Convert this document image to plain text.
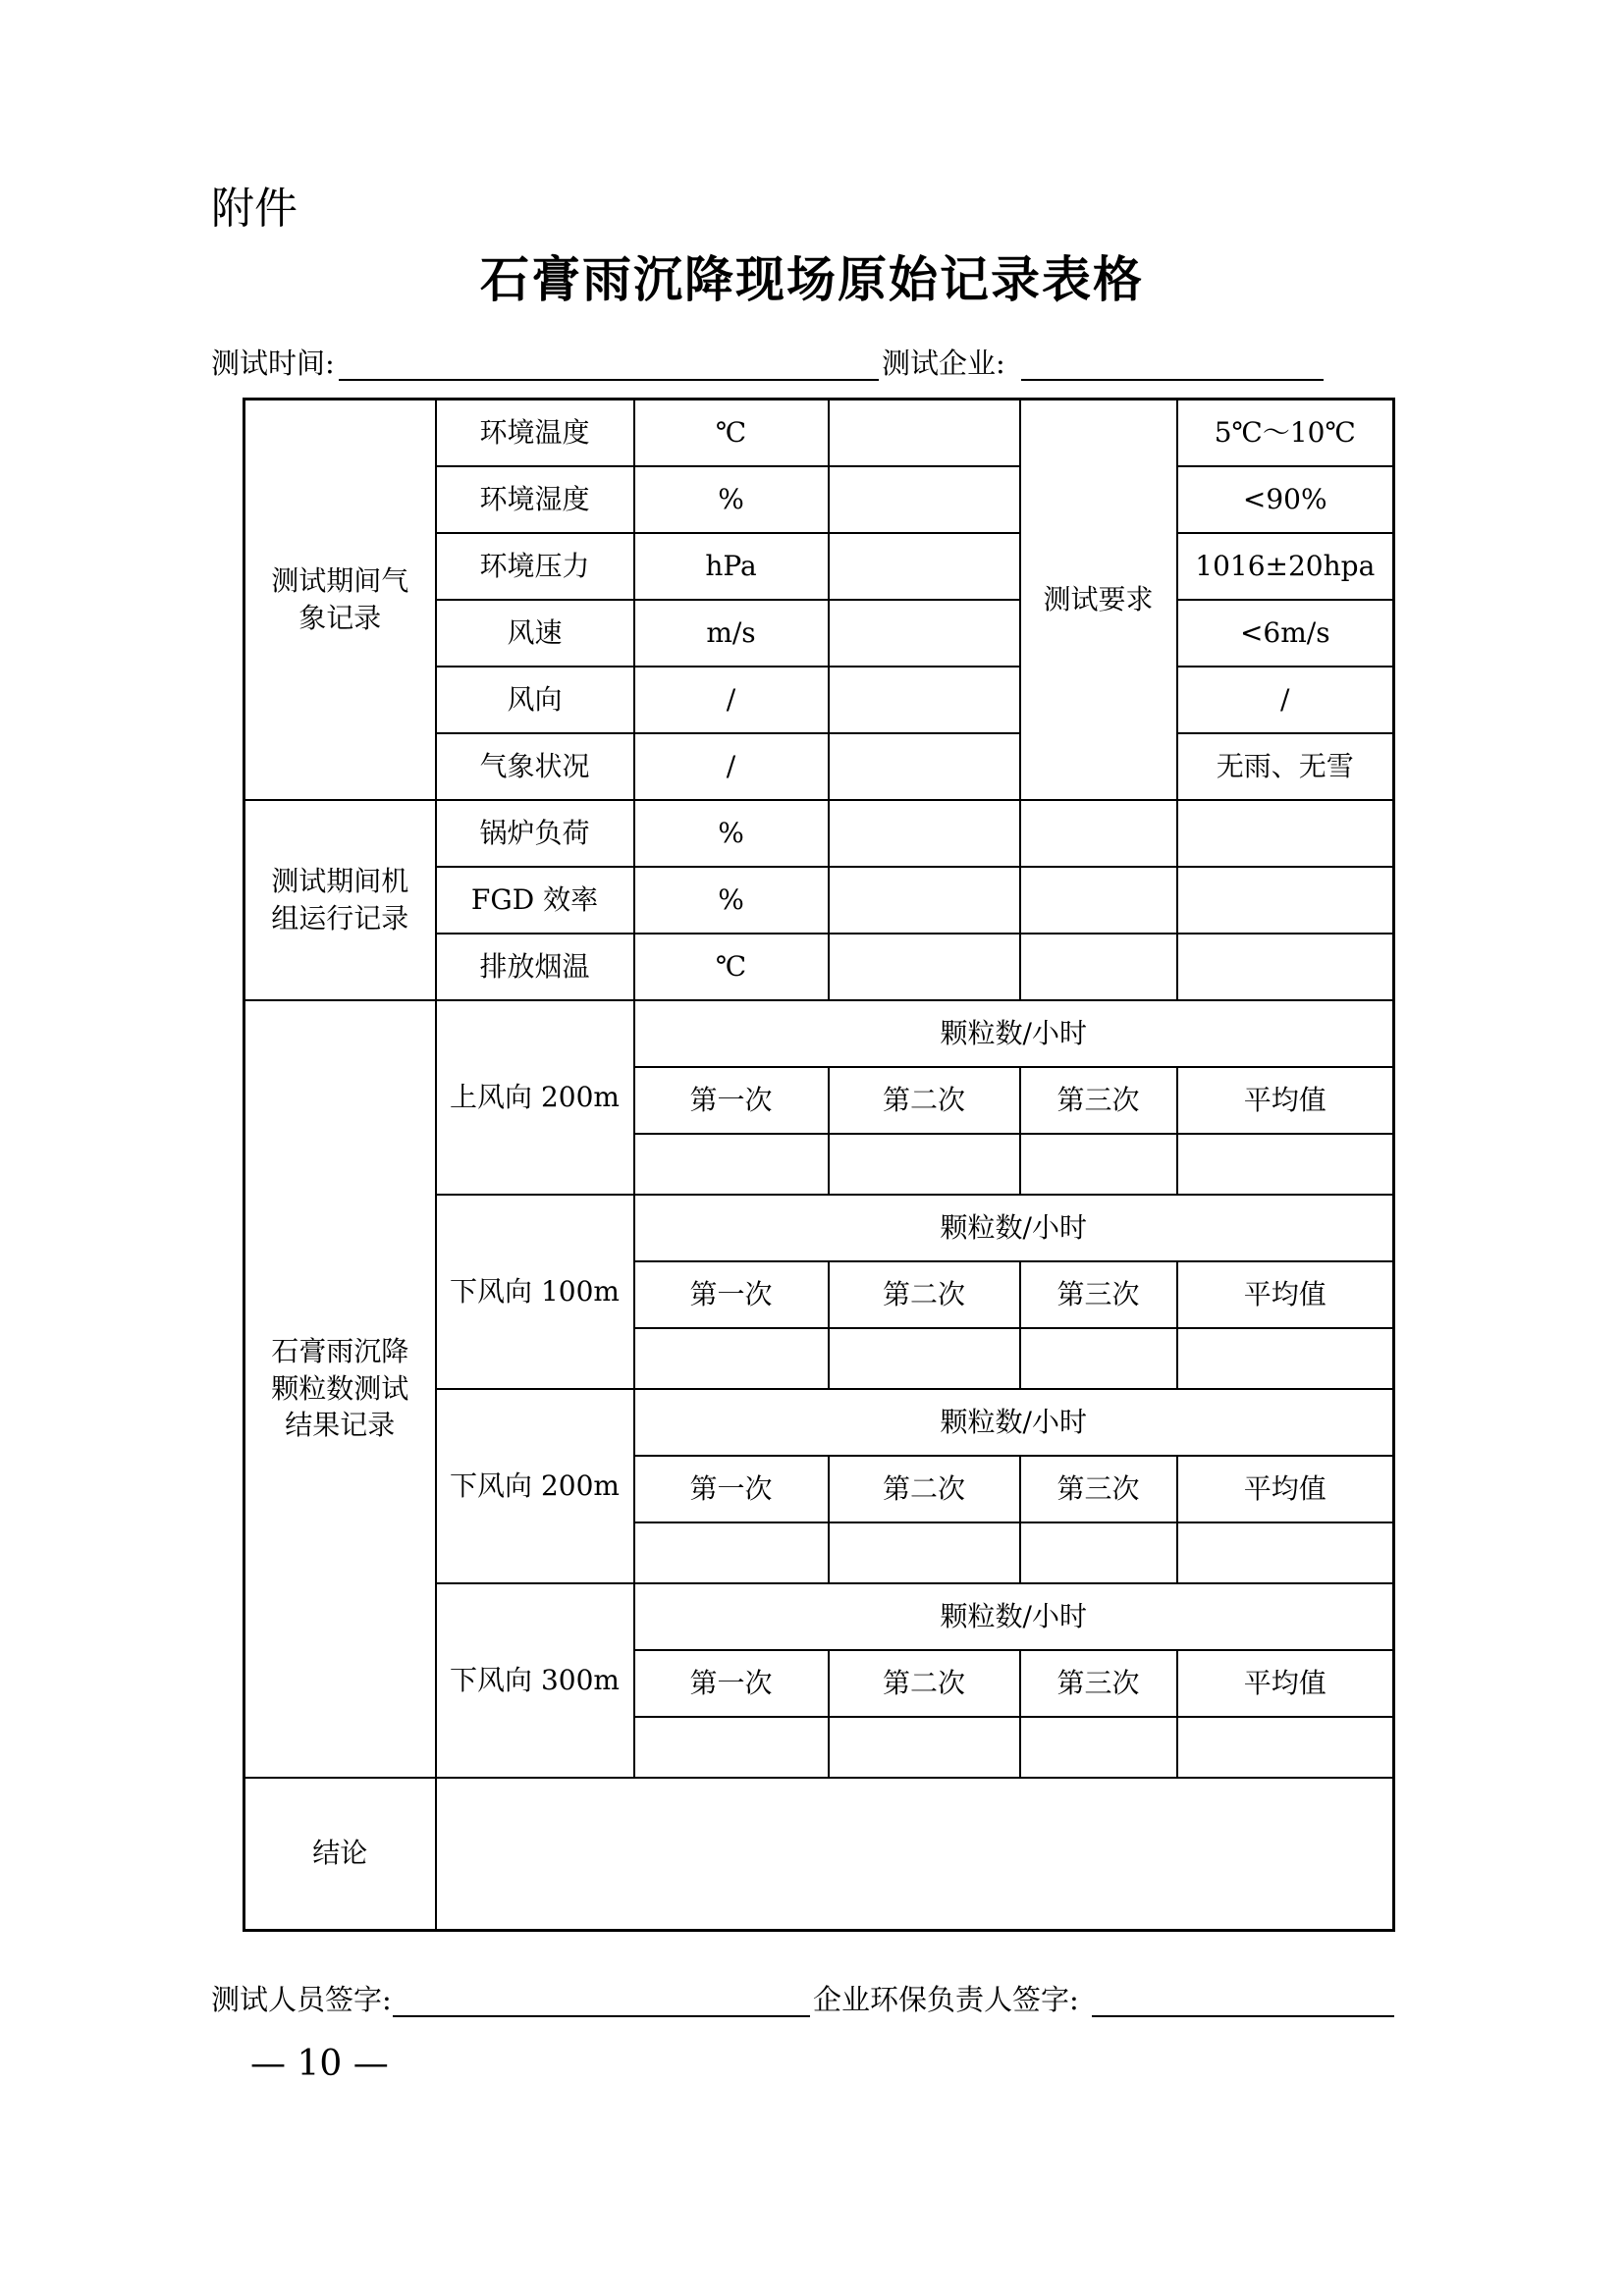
附件
石膏雨沉降现场原始记录表格
测试时间:	测试企业:
测试期间气象记录	环境温度	℃		测试要求	5℃～10℃
	环境湿度	%			<90%
	环境压力	hPa			1016±20hpa
	风速	m/s			<6m/s
	风向	/			/
	气象状况	/			无雨、无雪
测试期间机组运行记录	锅炉负荷	%			
	FGD 效率	%			
	排放烟温	℃			
石膏雨沉降颗粒数测试结果记录	上风向 200m	颗粒数/小时			
		第一次	第二次	第三次	平均值

	下风向 100m	颗粒数/小时			
		第一次	第二次	第三次	平均值

	下风向 200m	颗粒数/小时			
		第一次	第二次	第三次	平均值

	下风向 300m	颗粒数/小时			
		第一次	第二次	第三次	平均值

结论					
测试人员签字:	企业环保负责人签字:
— 10 —
